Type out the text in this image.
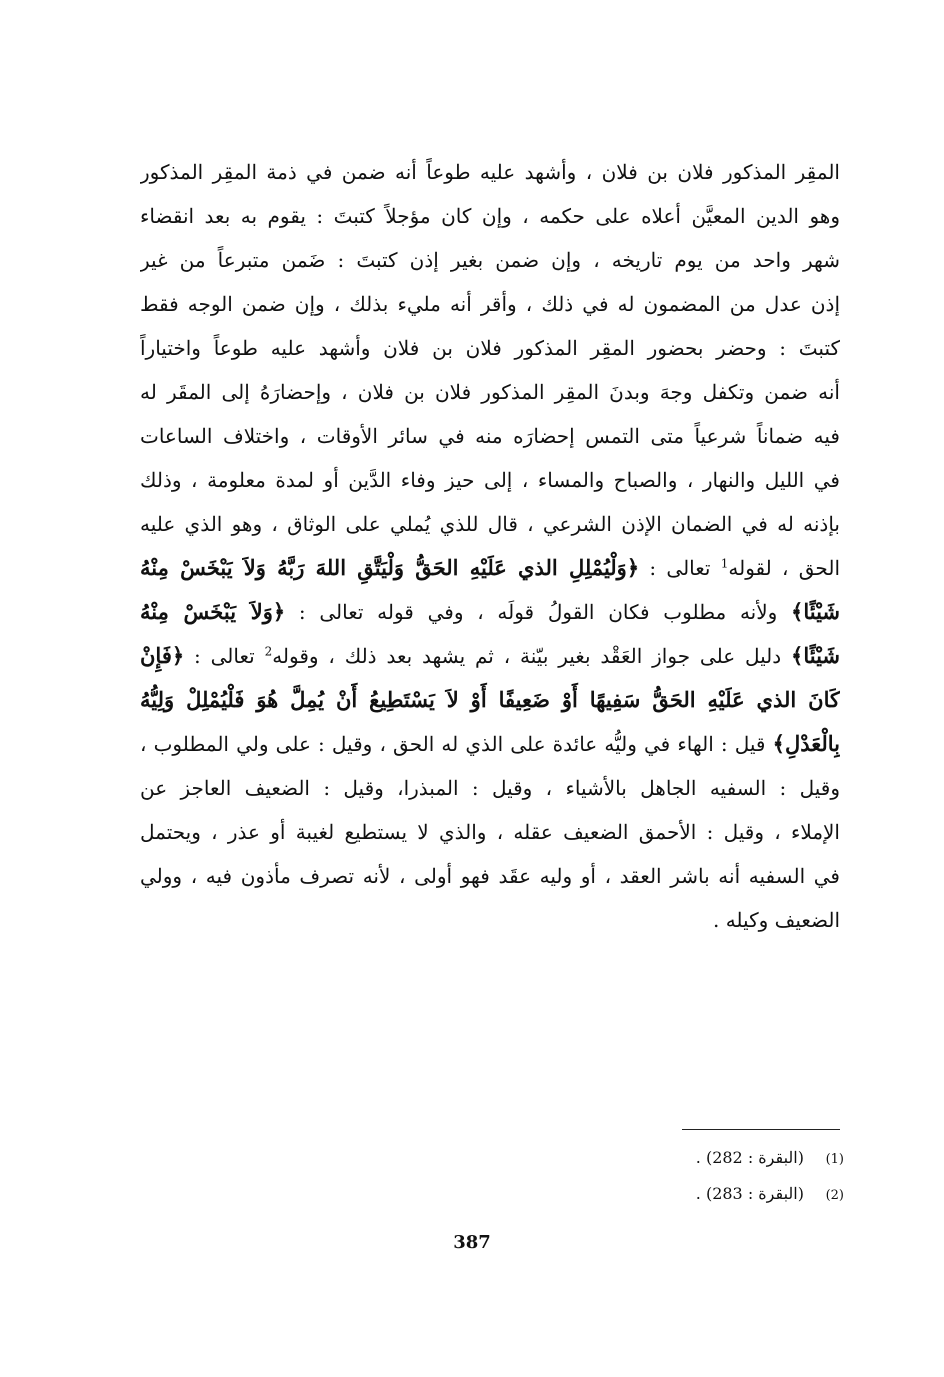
المقِر المذكور فلان بن فلان ، وأشهد عليه طوعاً أنه ضمن في ذمة المقِر المذكور
وهو الدين المعيَّن أعلاه على حكمه ، وإن كان مؤجلاً كتبتَ : يقوم به بعد انقضاء
شهر واحد من يوم تاريخه ، وإن ضمن بغير إذن كتبتَ : ضَمن متبرعاً من غير
إذن عدل من المضمون له في ذلك ، وأقر أنه مليء بذلك ، وإن ضمن الوجه فقط
كتبتَ : وحضر بحضور المقِر المذكور فلان بن فلان وأشهد عليه طوعاً واختياراً
أنه ضمن وتكفل وجهَ وبدنَ المقِر المذكور فلان بن فلان ، وإحضارَهُ إلى المقَر له
فيه ضماناً شرعياً متى التمس إحضارَه منه في سائر الأوقات ، واختلاف الساعات
في الليل والنهار ، والصباح والمساء ، إلى حيز وفاء الدَّين أو لمدة معلومة ، وذلك
بإذنه له في الضمان الإذن الشرعي ، قال للذي يُملي على الوثاق ، وهو الذي عليه
الحق ، لقوله$^1$ تعالى : ﴿وَلْيُمْلِلِ الذي عَلَيْهِ الحَقُّ وَلْيَتَّقِ اللهَ رَبَّهُ وَلاَ يَبْخَسْ مِنْهُ
شَيْئًا﴾ ولأنه مطلوب فكان القولُ قولَه ، وفي قوله تعالى : ﴿وَلاَ يَبْخَسْ مِنْهُ
شَيْئًا﴾ دليل على جواز العَقْد بغير بيّنة ، ثم يشهد بعد ذلك ، وقوله$^2$ تعالى : ﴿فَإِنْ
كَانَ الذي عَلَيْهِ الحَقُّ سَفِيهًا أَوْ ضَعِيفًا أَوْ لاَ يَسْتَطِيعُ أَنْ يُمِلَّ هُوَ فَلْيُمْلِلْ وَلِيُّهُ
بِالْعَدْلِ﴾ قيل : الهاء في وليُّه عائدة على الذي له الحق ، وقيل : على ولي المطلوب ،
وقيل : السفيه الجاهل بالأشياء ، وقيل : المبذرا، وقيل : الضعيف العاجز عن
الإملاء ، وقيل : الأحمق الضعيف عقله ، والذي لا يستطيع لغيبة أو عذر ، ويحتمل
في السفيه أنه باشر العقد ، أو وليه عقَد فهو أولى ، لأنه تصرف مأذون فيه ، وولي
الضعيف وكيله .
(1)(البقرة : 282) .
(2)(البقرة : 283) .
387
